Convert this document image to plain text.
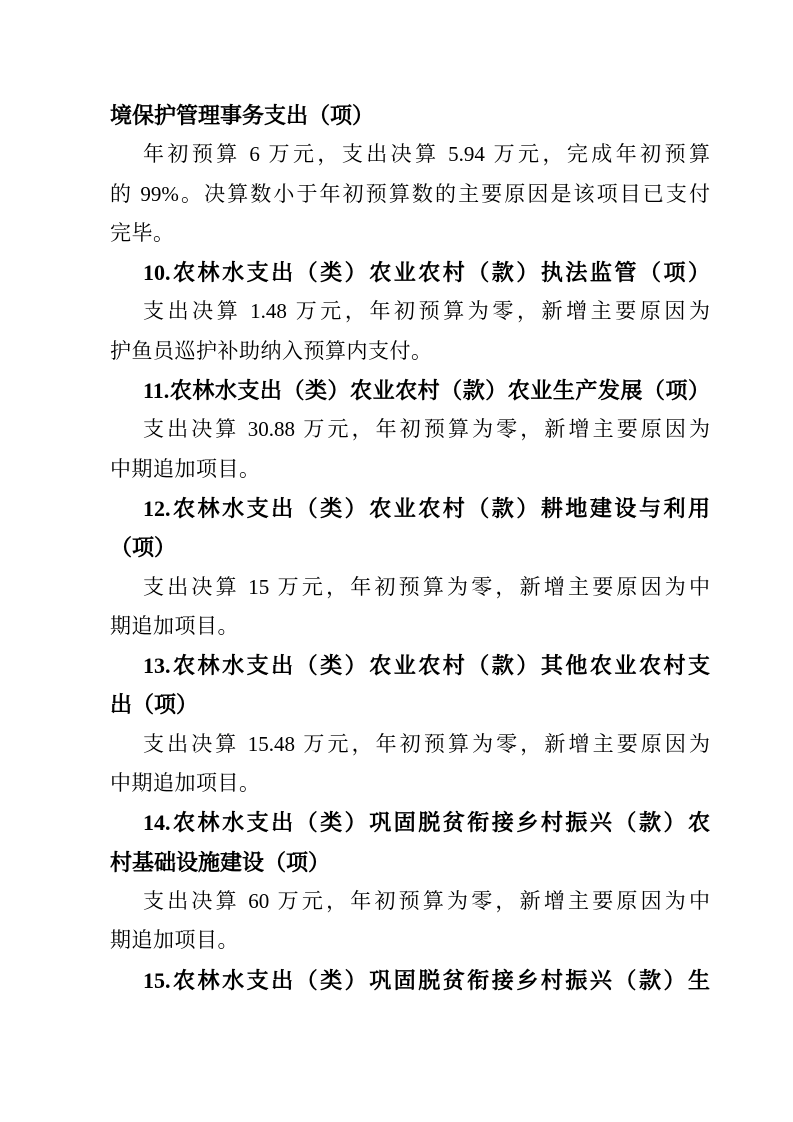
境保护管理事务支出（项）
年初预算 6 万元，支出决算 5.94 万元，完成年初预算
的 99%。决算数小于年初预算数的主要原因是该项目已支付
完毕。
10.农林水支出（类）农业农村（款）执法监管（项）
支出决算 1.48 万元，年初预算为零，新增主要原因为
护鱼员巡护补助纳入预算内支付。
11.农林水支出（类）农业农村（款）农业生产发展（项）
支出决算 30.88 万元，年初预算为零，新增主要原因为
中期追加项目。
12.农林水支出（类）农业农村（款）耕地建设与利用
（项）
支出决算 15 万元，年初预算为零，新增主要原因为中
期追加项目。
13.农林水支出（类）农业农村（款）其他农业农村支
出（项）
支出决算 15.48 万元，年初预算为零，新增主要原因为
中期追加项目。
14.农林水支出（类）巩固脱贫衔接乡村振兴（款）农
村基础设施建设（项）
支出决算 60 万元，年初预算为零，新增主要原因为中
期追加项目。
15.农林水支出（类）巩固脱贫衔接乡村振兴（款）生
